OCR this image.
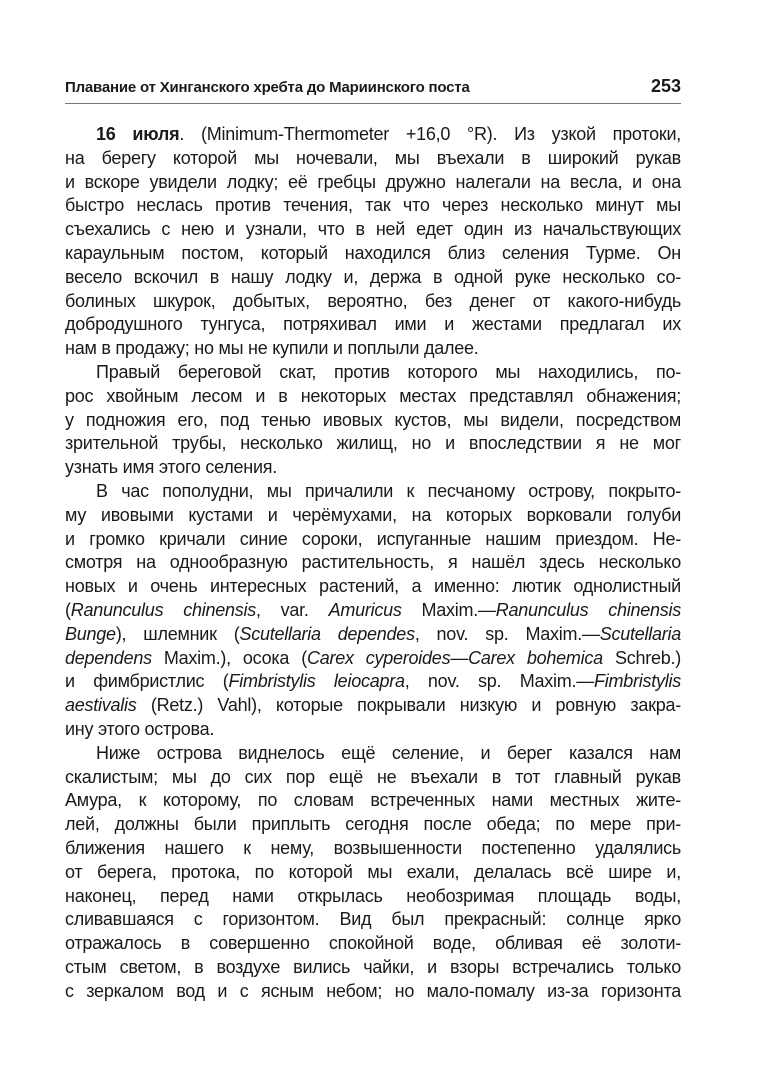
Плавание от Хинганского хребта до Мариинского поста	253
16 июля. (Minimum-Thermometer +16,0 °R). Из узкой протоки,
на берегу которой мы ночевали, мы въехали в широкий рукав
и вскоре увидели лодку; её гребцы дружно налегали на весла, и она
быстро неслась против течения, так что через несколько минут мы
съехались с нею и узнали, что в ней едет один из начальствующих
караульным постом, который находился близ селения Турме. Он
весело вскочил в нашу лодку и, держа в одной руке несколько со-
болиных шкурок, добытых, вероятно, без денег от какого-нибудь
добродушного тунгуса, потряхивал ими и жестами предлагал их
нам в продажу; но мы не купили и поплыли далее.
Правый береговой скат, против которого мы находились, по-
рос хвойным лесом и в некоторых местах представлял обнажения;
у подножия его, под тенью ивовых кустов, мы видели, посредством
зрительной трубы, несколько жилищ, но и впоследствии я не мог
узнать имя этого селения.
В час пополудни, мы причалили к песчаному острову, покрыто-
му ивовыми кустами и черёмухами, на которых ворковали голуби
и громко кричали синие сороки, испуганные нашим приездом. Не-
смотря на однообразную растительность, я нашёл здесь несколько
новых и очень интересных растений, а именно: лютик однолистный
(Ranunculus chinensis, var. Amuricus Maxim.—Ranunculus chinensis
Bunge), шлемник (Scutellaria dependes, nov. sp. Maxim.—Scutellaria
dependens Maxim.), осока (Carex cyperoides—Carex bohemica Schreb.)
и фимбристлис (Fimbristylis leiocapra, nov. sp. Maxim.—Fimbristylis
aestivalis (Retz.) Vahl), которые покрывали низкую и ровную закра-
ину этого острова.
Ниже острова виднелось ещё селение, и берег казался нам
скалистым; мы до сих пор ещё не въехали в тот главный рукав
Амура, к которому, по словам встреченных нами местных жите-
лей, должны были приплыть сегодня после обеда; по мере при-
ближения нашего к нему, возвышенности постепенно удалялись
от берега, протока, по которой мы ехали, делалась всё шире и,
наконец, перед нами открылась необозримая площадь воды,
сливавшаяся с горизонтом. Вид был прекрасный: солнце ярко
отражалось в совершенно спокойной воде, обливая её золоти-
стым светом, в воздухе вились чайки, и взоры встречались только
с зеркалом вод и с ясным небом; но мало-помалу из-за горизонта
